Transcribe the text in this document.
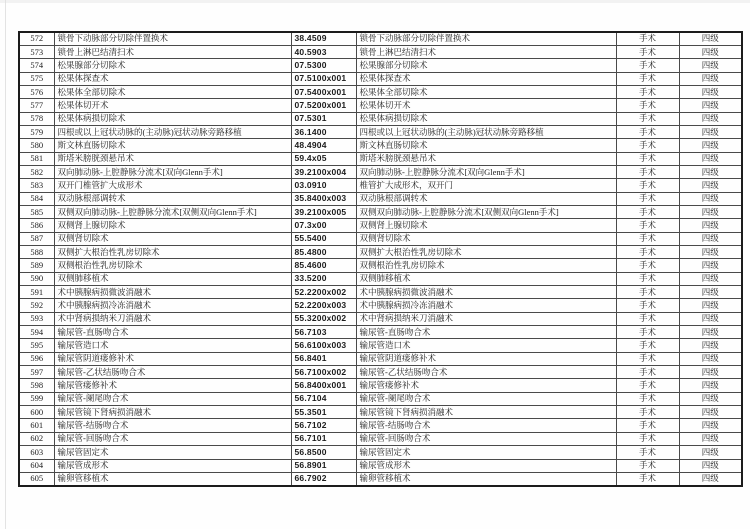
572	锁骨下动脉部分切除伴置换术	38.4509	锁骨下动脉部分切除伴置换术	手术	四级
573	锁骨上淋巴结清扫术	40.5903	锁骨上淋巴结清扫术	手术	四级
574	松果腺部分切除术	07.5300	松果腺部分切除术	手术	四级
575	松果体探查术	07.5100x001	松果体探查术	手术	四级
576	松果体全部切除术	07.5400x001	松果体全部切除术	手术	四级
577	松果体切开术	07.5200x001	松果体切开术	手术	四级
578	松果体病损切除术	07.5301	松果体病损切除术	手术	四级
579	四根或以上冠状动脉的(主动脉)冠状动脉旁路移植	36.1400	四根或以上冠状动脉的(主动脉)冠状动脉旁路移植	手术	四级
580	斯文林直肠切除术	48.4904	斯文林直肠切除术	手术	四级
581	斯塔米膀胱颈悬吊术	59.4x05	斯塔米膀胱颈悬吊术	手术	四级
582	双向肺动脉-上腔静脉分流术[双向Glenn手术]	39.2100x004	双向肺动脉-上腔静脉分流术[双向Glenn手术]	手术	四级
583	双开门椎管扩大成形术	03.0910	椎管扩大成形术，双开门	手术	四级
584	双动脉根部调转术	35.8400x003	双动脉根部调转术	手术	四级
585	双侧双向肺动脉-上腔静脉分流术[双侧双向Glenn手术]	39.2100x005	双侧双向肺动脉-上腔静脉分流术[双侧双向Glenn手术]	手术	四级
586	双侧肾上腺切除术	07.3x00	双侧肾上腺切除术	手术	四级
587	双侧肾切除术	55.5400	双侧肾切除术	手术	四级
588	双侧扩大根治性乳房切除术	85.4800	双侧扩大根治性乳房切除术	手术	四级
589	双侧根治性乳房切除术	85.4600	双侧根治性乳房切除术	手术	四级
590	双侧肺移植术	33.5200	双侧肺移植术	手术	四级
591	术中胰腺病损微波消融术	52.2200x002	术中胰腺病损微波消融术	手术	四级
592	术中胰腺病损冷冻消融术	52.2200x003	术中胰腺病损冷冻消融术	手术	四级
593	术中肾病损纳米刀消融术	55.3200x002	术中肾病损纳米刀消融术	手术	四级
594	输尿管-直肠吻合术	56.7103	输尿管-直肠吻合术	手术	四级
595	输尿管造口术	56.6100x003	输尿管造口术	手术	四级
596	输尿管阴道瘘修补术	56.8401	输尿管阴道瘘修补术	手术	四级
597	输尿管-乙状结肠吻合术	56.7100x002	输尿管-乙状结肠吻合术	手术	四级
598	输尿管瘘修补术	56.8400x001	输尿管瘘修补术	手术	四级
599	输尿管-阑尾吻合术	56.7104	输尿管-阑尾吻合术	手术	四级
600	输尿管镜下肾病损消融术	55.3501	输尿管镜下肾病损消融术	手术	四级
601	输尿管-结肠吻合术	56.7102	输尿管-结肠吻合术	手术	四级
602	输尿管-回肠吻合术	56.7101	输尿管-回肠吻合术	手术	四级
603	输尿管固定术	56.8500	输尿管固定术	手术	四级
604	输尿管成形术	56.8901	输尿管成形术	手术	四级
605	输卵管移植术	66.7902	输卵管移植术	手术	四级
